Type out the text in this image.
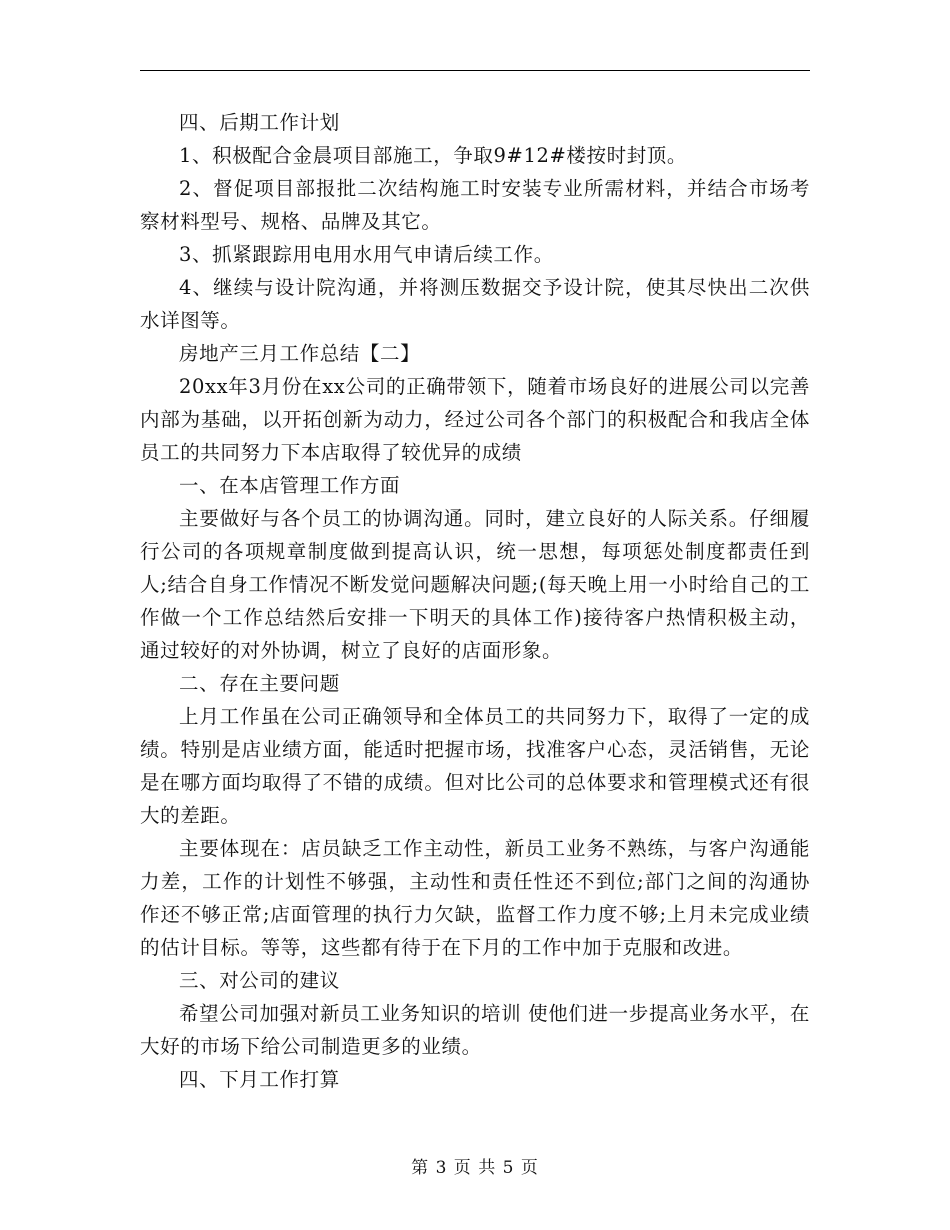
四、后期工作计划

1、积极配合金晨项目部施工，争取9#12#楼按时封顶。

2、督促项目部报批二次结构施工时安装专业所需材料，并结合市场考察材料型号、规格、品牌及其它。

3、抓紧跟踪用电用水用气申请后续工作。

4、继续与设计院沟通，并将测压数据交予设计院，使其尽快出二次供水详图等。

房地产三月工作总结【二】

20xx年3月份在xx公司的正确带领下，随着市场良好的进展公司以完善内部为基础，以开拓创新为动力，经过公司各个部门的积极配合和我店全体员工的共同努力下本店取得了较优异的成绩

一、在本店管理工作方面

主要做好与各个员工的协调沟通。同时，建立良好的人际关系。仔细履行公司的各项规章制度做到提高认识，统一思想，每项惩处制度都责任到人;结合自身工作情况不断发觉问题解决问题;(每天晚上用一小时给自己的工作做一个工作总结然后安排一下明天的具体工作)接待客户热情积极主动，通过较好的对外协调，树立了良好的店面形象。

二、存在主要问题

上月工作虽在公司正确领导和全体员工的共同努力下，取得了一定的成绩。特别是店业绩方面，能适时把握市场，找准客户心态，灵活销售，无论是在哪方面均取得了不错的成绩。但对比公司的总体要求和管理模式还有很大的差距。

主要体现在：店员缺乏工作主动性，新员工业务不熟练，与客户沟通能力差，工作的计划性不够强，主动性和责任性还不到位;部门之间的沟通协作还不够正常;店面管理的执行力欠缺，监督工作力度不够;上月未完成业绩的估计目标。等等，这些都有待于在下月的工作中加于克服和改进。

三、对公司的建议

希望公司加强对新员工业务知识的培训 使他们进一步提高业务水平，在大好的市场下给公司制造更多的业绩。

四、下月工作打算

第 3 页 共 5 页
